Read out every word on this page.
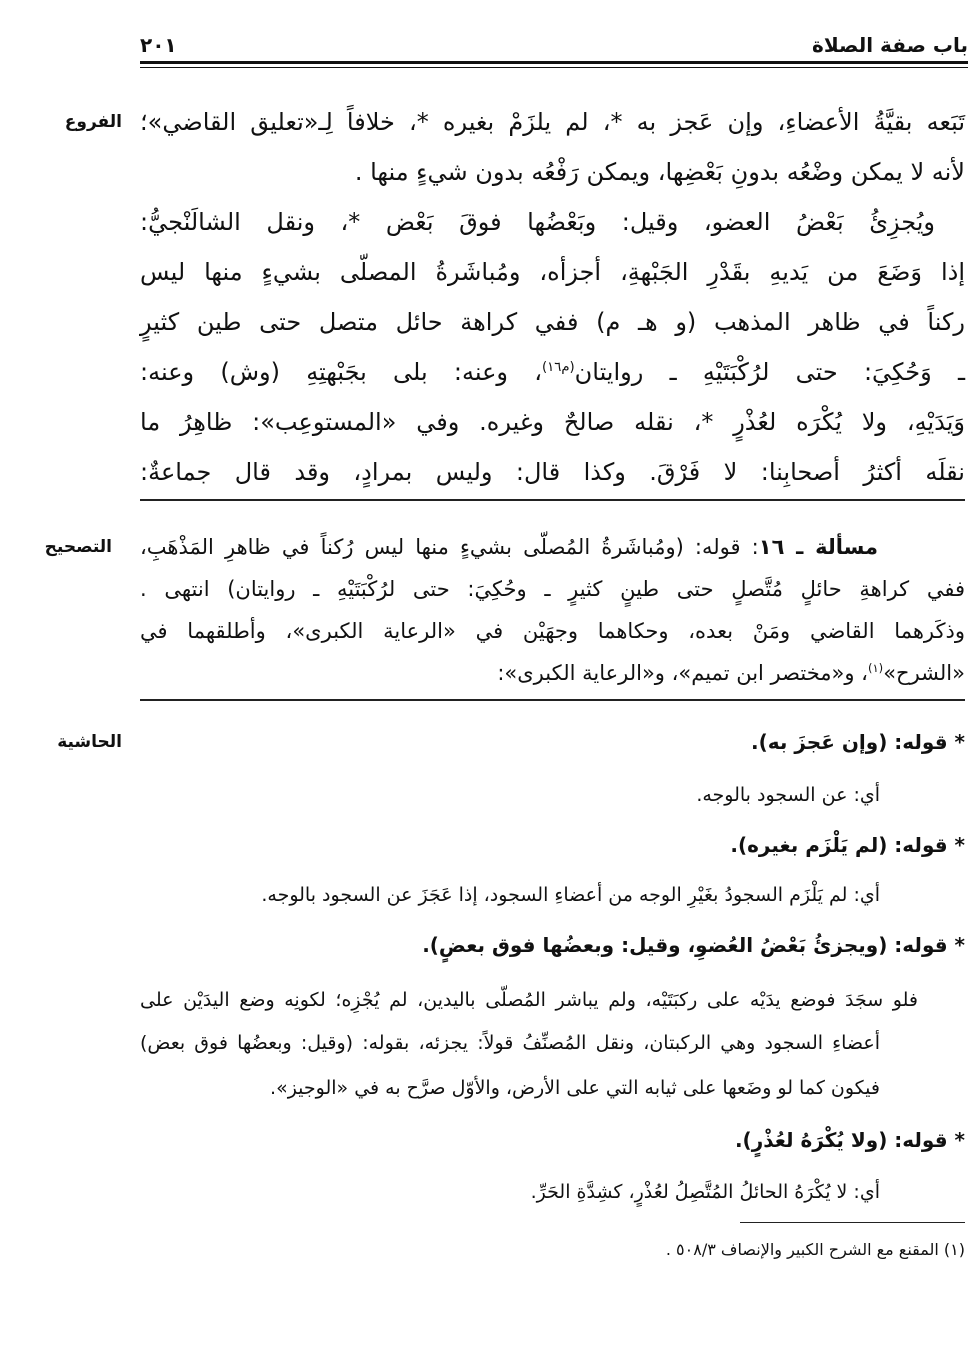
باب صفة الصلاة
٢٠١
الفروع
التصحيح
الحاشية
تَبَعه بقيَّةُ الأعضاءِ، وإن عَجز به *، لم يلزَمْ بغيره *، خلافاً لِـ«تعليق القاضي»؛
لأنه لا يمكن وضْعُه بدونِ بَعْضِها، ويمكن رَفْعُه بدون شيءٍ منها .
ويُجزِئُ بَعْضُ العضو، وقيل: وبَعْضُها فوقَ بَعْض *، ونقل الشالَنْجيُّ:
إذا وَضَعَ من يَديهِ بقَدْرِ الجَبْهةِ، أجزأه، ومُباشَرةُ المصلّى بشيءٍ منها ليس
ركناً في ظاهر المذهب (و هـ م) ففي كراهة حائل متصل حتى طين كثيرٍ
ـ وَحُكِيَ: حتى لرُكْبَتَيْهِ ـ روايتان$^{(م١٦)}$، وعنه: بلى بجَبْهتِهِ (وش) وعنه:
وَيَدَيْهِ، ولا يُكْرَه لعُذْرٍ *، نقله صالحٌ وغيره. وفي «المستوعِب»: ظاهِرُ ما
نقلَه أكثرُ أصحابِنا: لا فَرْقَ. وكذا قال: وليس بمرادٍ، وقد قال جماعةٌ:
مسألة ـ ١٦: قوله: (ومُباشَرةُ المُصلّى بشيءٍ منها ليس رُكناً في ظاهرِ المَذْهَبِ،
ففي كراهةِ حائلٍ مُتَّصلٍ حتى طينٍ كثيرٍ ـ وحُكِيَ: حتى لرُكْبَتَيْهِ ـ روايتان) انتهى .
وذكَرهما القاضي ومَنْ بعده، وحكاهما وجهَيْن في «الرعاية الكبرى»، وأطلقهما في
«الشرح»$^{(١)}$، و«مختصر ابن تميم»، و«الرعاية الكبرى»:
* قوله: (وإن عَجزَ به).
أي: عن السجود بالوجه.
* قوله: (لم يَلْزَم بغيره).
أي: لم يَلْزَم السجودُ بغَيْرِ الوجه من أعضاءِ السجود، إذا عَجَزَ عن السجود بالوجه.
* قوله: (ويجزئُ بَعْضُ العُضوِ، وقيل: وبعضُها فوق بعضٍ).
فلو سجَدَ فوضع يدَيْه على ركبَتَيْه، ولم يباشر المُصلّى باليدين، لم يُجْزِه؛ لكونِه وضع اليدَيْن على
أعضاءِ السجود وهي الركبتان، ونقل المُصنِّفُ قولاً: يجزئه، بقوله: (وقيل: وبعضُها فوق بعض)
فيكون كما لو وضَعها على ثيابه التي على الأرض، والأوّل صرَّح به في «الوجيز».
* قوله: (ولا يُكْرَهُ لعُذْرٍ).
أي: لا يُكْرَهُ الحائلُ المُتَّصِلُ لعُذْرٍ، كشِدَّةِ الحَرِّ.
(١) المقنع مع الشرح الكبير والإنصاف ٥٠٨/٣ .
